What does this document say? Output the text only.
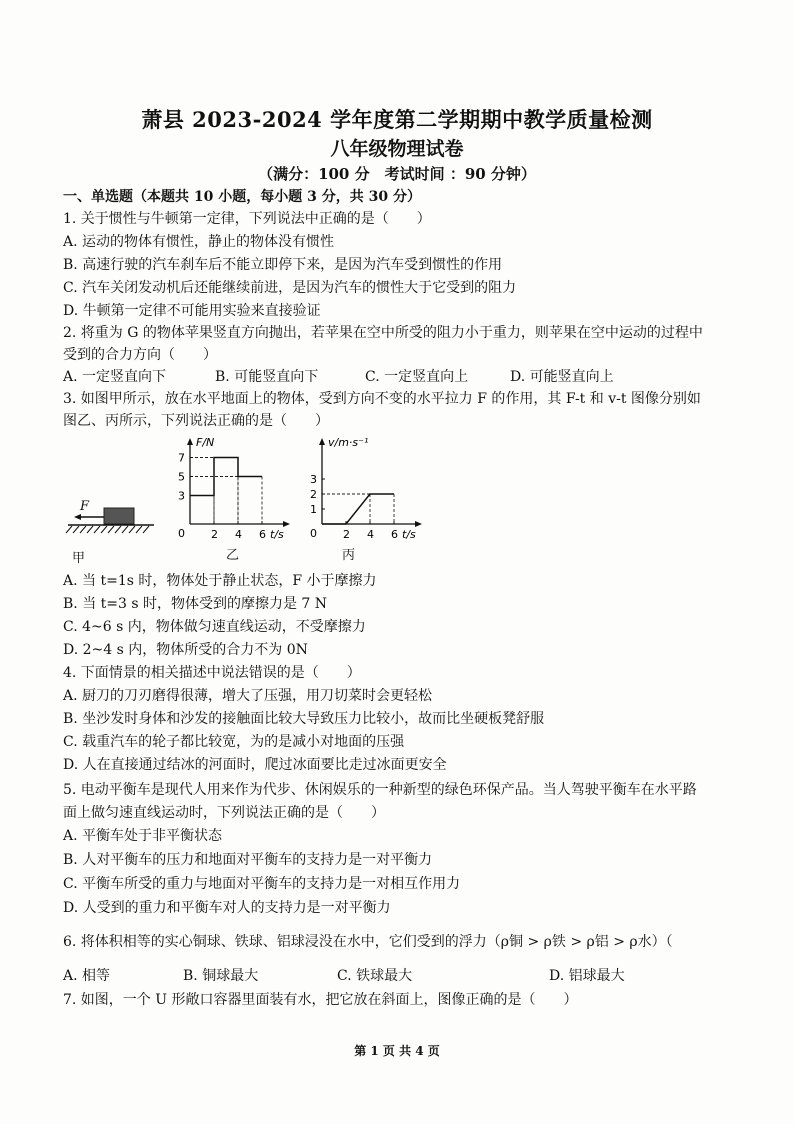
萧县 2023-2024 学年度第二学期期中教学质量检测
八年级物理试卷
（满分：100 分　考试时间 ：90 分钟）
一、单选题（本题共 10 小题，每小题 3 分，共 30 分）
1. 关于惯性与牛顿第一定律，下列说法中正确的是（　　）
A. 运动的物体有惯性，静止的物体没有惯性
B. 高速行驶的汽车刹车后不能立即停下来，是因为汽车受到惯性的作用
C. 汽车关闭发动机后还能继续前进，是因为汽车的惯性大于它受到的阻力
D. 牛顿第一定律不可能用实验来直接验证
2. 将重为 G 的物体苹果竖直方向抛出，若苹果在空中所受的阻力小于重力，则苹果在空中运动的过程中
受到的合力方向（　　）
A. 一定竖直向下	B. 可能竖直向下	C. 一定竖直向上	D. 可能竖直向上
3. 如图甲所示，放在水平地面上的物体，受到方向不变的水平拉力 F 的作用，其 F-t 和 v-t 图像分别如
图乙、丙所示，下列说法正确的是（　　）
F
甲
F/N
t/s
0 2 4 6
3
5
7
乙
v/m·s⁻¹
t/s
0 2 4 6
1
2
3
丙
A. 当 t=1s 时，物体处于静止状态，F 小于摩擦力
B. 当 t=3 s 时，物体受到的摩擦力是 7 N
C. 4~6 s 内，物体做匀速直线运动，不受摩擦力
D. 2~4 s 内，物体所受的合力不为 0N
4. 下面情景的相关描述中说法错误的是（　　）
A. 厨刀的刀刃磨得很薄，增大了压强，用刀切菜时会更轻松
B. 坐沙发时身体和沙发的接触面比较大导致压力比较小，故而比坐硬板凳舒服
C. 载重汽车的轮子都比较宽，为的是减小对地面的压强
D. 人在直接通过结冰的河面时，爬过冰面要比走过冰面更安全
5. 电动平衡车是现代人用来作为代步、休闲娱乐的一种新型的绿色环保产品。当人驾驶平衡车在水平路
面上做匀速直线运动时，下列说法正确的是（　　）
A. 平衡车处于非平衡状态
B. 人对平衡车的压力和地面对平衡车的支持力是一对平衡力
C. 平衡车所受的重力与地面对平衡车的支持力是一对相互作用力
D. 人受到的重力和平衡车对人的支持力是一对平衡力
6. 将体积相等的实心铜球、铁球、铝球浸没在水中，它们受到的浮力（ρ铜 > ρ铁 > ρ铝 > ρ水）（
A. 相等	B. 铜球最大	C. 铁球最大	D. 铝球最大
7. 如图，一个 U 形敞口容器里面装有水，把它放在斜面上，图像正确的是（　　）
第 1 页 共 4 页
